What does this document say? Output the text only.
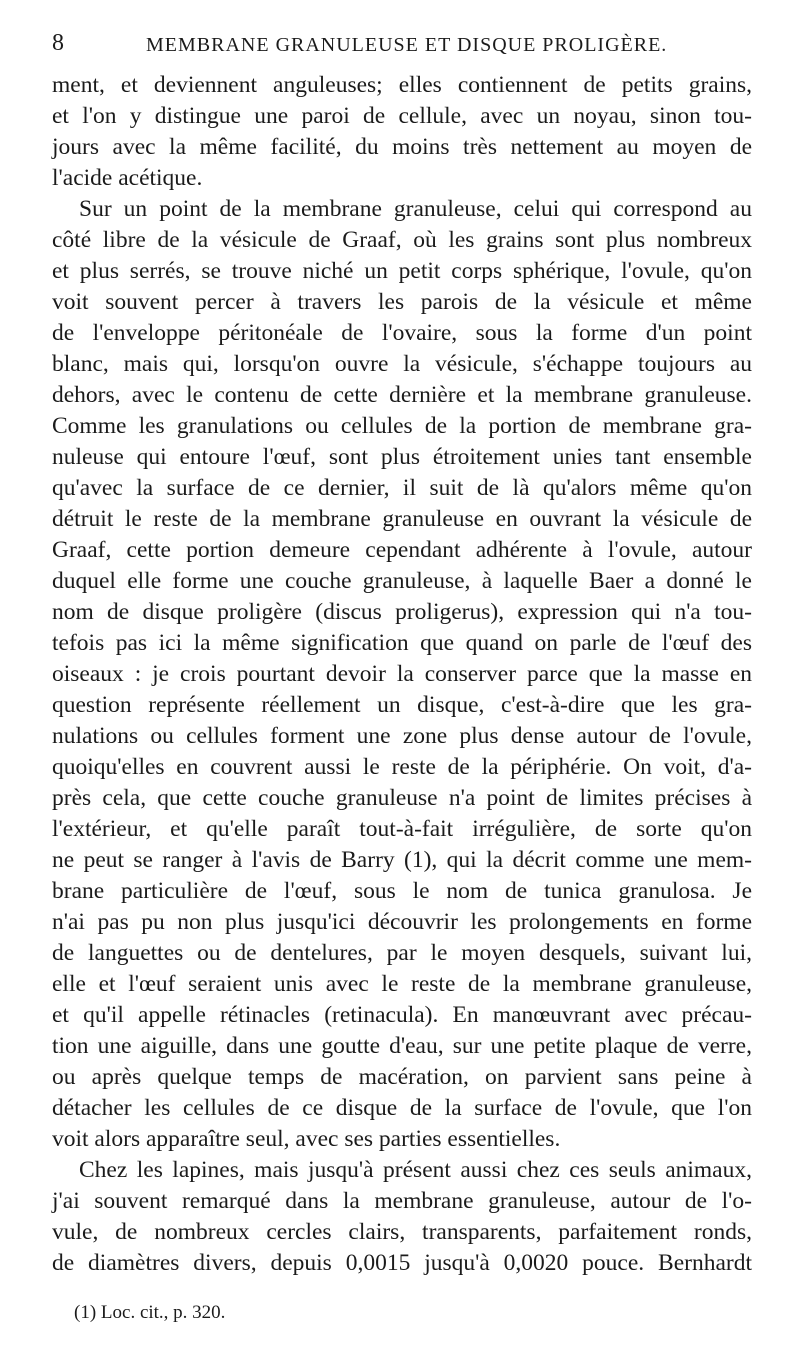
8	MEMBRANE GRANULEUSE ET DISQUE PROLIGÈRE.
ment, et deviennent anguleuses; elles contiennent de petits grains,
et l'on y distingue une paroi de cellule, avec un noyau, sinon tou-
jours avec la même facilité, du moins très nettement au moyen de
l'acide acétique.
Sur un point de la membrane granuleuse, celui qui correspond au
côté libre de la vésicule de Graaf, où les grains sont plus nombreux
et plus serrés, se trouve niché un petit corps sphérique, l'ovule, qu'on
voit souvent percer à travers les parois de la vésicule et même
de l'enveloppe péritonéale de l'ovaire, sous la forme d'un point
blanc, mais qui, lorsqu'on ouvre la vésicule, s'échappe toujours au
dehors, avec le contenu de cette dernière et la membrane granuleuse.
Comme les granulations ou cellules de la portion de membrane gra-
nuleuse qui entoure l'œuf, sont plus étroitement unies tant ensemble
qu'avec la surface de ce dernier, il suit de là qu'alors même qu'on
détruit le reste de la membrane granuleuse en ouvrant la vésicule de
Graaf, cette portion demeure cependant adhérente à l'ovule, autour
duquel elle forme une couche granuleuse, à laquelle Baer a donné le
nom de disque proligère (discus proligerus), expression qui n'a tou-
tefois pas ici la même signification que quand on parle de l'œuf des
oiseaux : je crois pourtant devoir la conserver parce que la masse en
question représente réellement un disque, c'est-à-dire que les gra-
nulations ou cellules forment une zone plus dense autour de l'ovule,
quoiqu'elles en couvrent aussi le reste de la périphérie. On voit, d'a-
près cela, que cette couche granuleuse n'a point de limites précises à
l'extérieur, et qu'elle paraît tout-à-fait irrégulière, de sorte qu'on
ne peut se ranger à l'avis de Barry (1), qui la décrit comme une mem-
brane particulière de l'œuf, sous le nom de tunica granulosa. Je
n'ai pas pu non plus jusqu'ici découvrir les prolongements en forme
de languettes ou de dentelures, par le moyen desquels, suivant lui,
elle et l'œuf seraient unis avec le reste de la membrane granuleuse,
et qu'il appelle rétinacles (retinacula). En manœuvrant avec précau-
tion une aiguille, dans une goutte d'eau, sur une petite plaque de verre,
ou après quelque temps de macération, on parvient sans peine à
détacher les cellules de ce disque de la surface de l'ovule, que l'on
voit alors apparaître seul, avec ses parties essentielles.
Chez les lapines, mais jusqu'à présent aussi chez ces seuls animaux,
j'ai souvent remarqué dans la membrane granuleuse, autour de l'o-
vule, de nombreux cercles clairs, transparents, parfaitement ronds,
de diamètres divers, depuis 0,0015 jusqu'à 0,0020 pouce. Bernhardt
(1) Loc. cit., p. 320.
